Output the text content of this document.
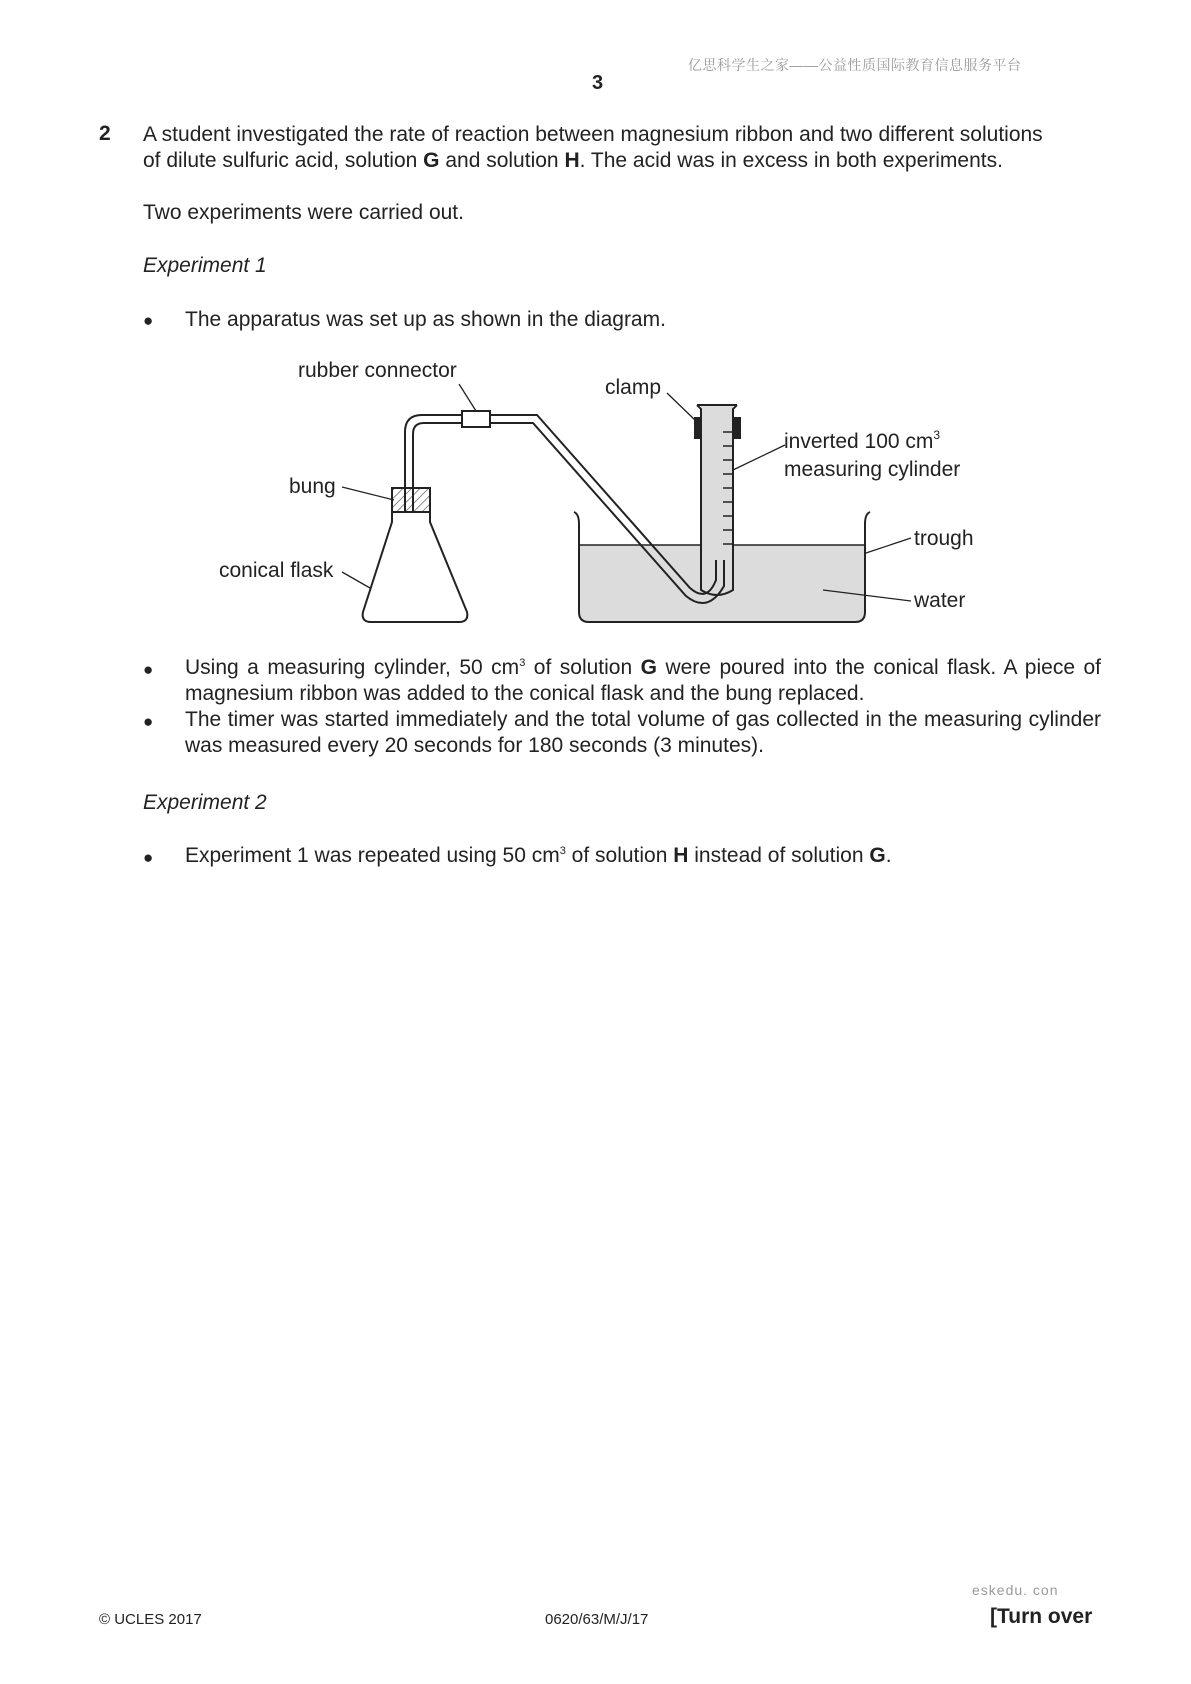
亿思科学生之家——公益性质国际教育信息服务平台
3
2 A student investigated the rate of reaction between magnesium ribbon and two different solutions
of dilute sulfuric acid, solution G and solution H. The acid was in excess in both experiments.
Two experiments were carried out.
Experiment 1
● The apparatus was set up as shown in the diagram.
rubber connector
clamp
inverted 100 $cm^3$
measuring cylinder
bung
trough
conical flask
water
● Using a measuring cylinder, 50 $cm^3$ of solution G were poured into the conical flask. A piece of magnesium ribbon was added to the conical flask and the bung replaced.
● The timer was started immediately and the total volume of gas collected in the measuring cylinder was measured every 20 seconds for 180 seconds (3 minutes).
Experiment 2
● Experiment 1 was repeated using 50 $cm^3$ of solution H instead of solution G.
eskedu. con
© UCLES 2017	0620/63/M/J/17	[Turn over
